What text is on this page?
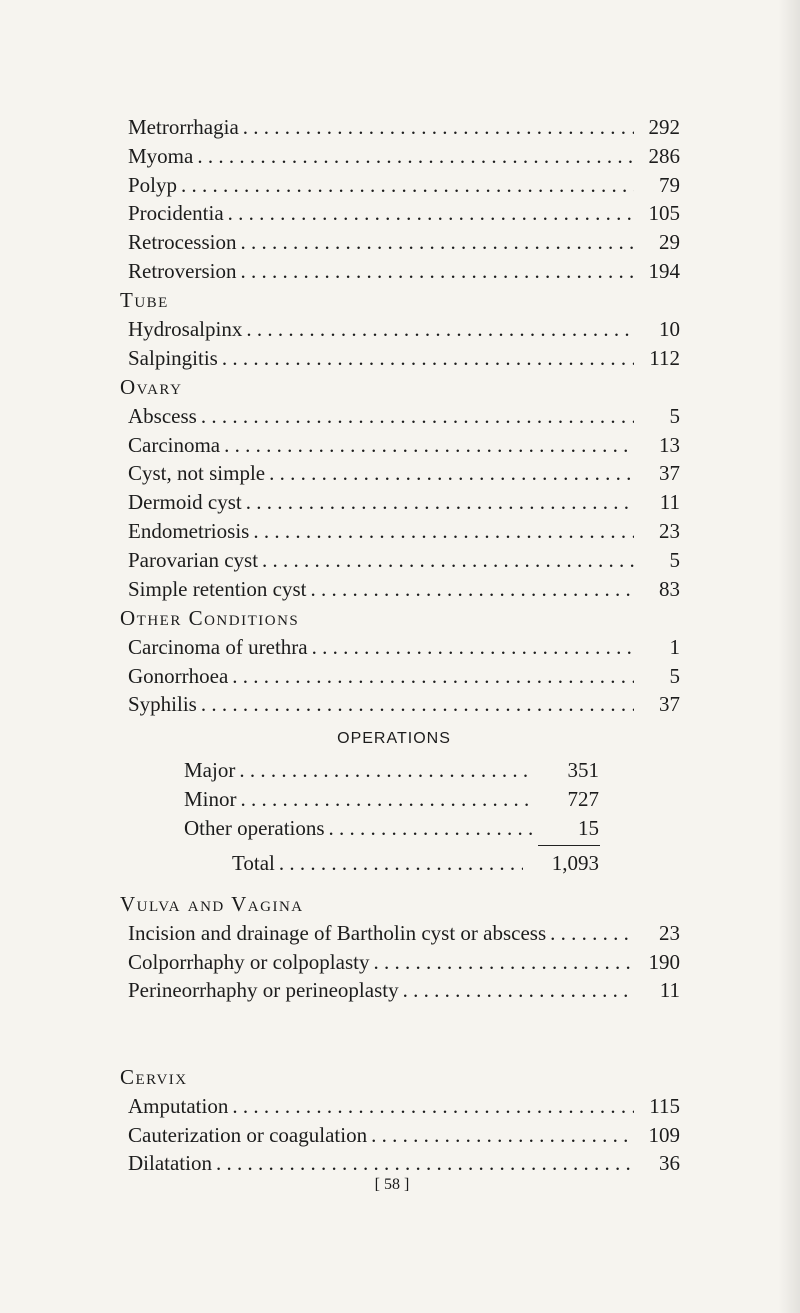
Metrorrhagia . . .	292
Myoma . . .	286
Polyp . . .	79
Procidentia . . .	105
Retrocession . . .	29
Retroversion . . .	194
Tube
Hydrosalpinx . . .	10
Salpingitis . . .	112
Ovary
Abscess . . .	5
Carcinoma . . .	13
Cyst, not simple . . .	37
Dermoid cyst . . .	11
Endometriosis . . .	23
Parovarian cyst . . .	5
Simple retention cyst . . .	83
Other Conditions
Carcinoma of urethra . . .	1
Gonorrhoea . . .	5
Syphilis . . .	37
OPERATIONS
Major . . .	351
Minor . . .	727
Other operations . . .	15
Total . . .	1,093
Vulva and Vagina
Incision and drainage of Bartholin cyst or abscess . . .	23
Colporrhaphy or colpoplasty . . .	190
Perineorrhaphy or perineoplasty . . .	11
Cervix
Amputation . . .	115
Cauterization or coagulation . . .	109
Dilatation . . .	36
[ 58 ]
